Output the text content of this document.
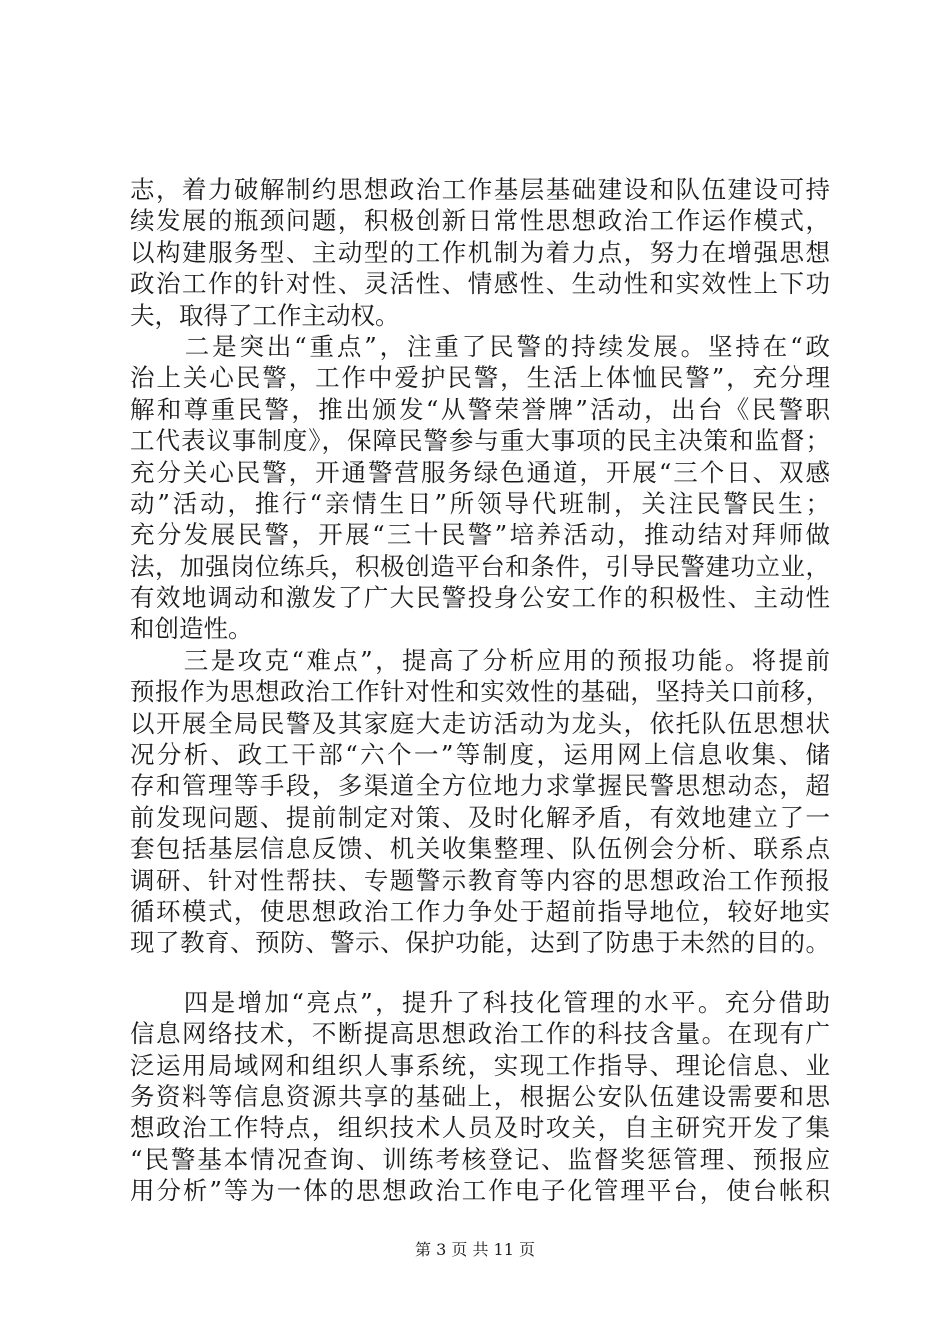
志，着力破解制约思想政治工作基层基础建设和队伍建设可持
续发展的瓶颈问题，积极创新日常性思想政治工作运作模式，
以构建服务型、主动型的工作机制为着力点，努力在增强思想
政治工作的针对性、灵活性、情感性、生动性和实效性上下功
夫，取得了工作主动权。
　　二是突出“重点”，注重了民警的持续发展。坚持在“政
治上关心民警，工作中爱护民警，生活上体恤民警”，充分理
解和尊重民警，推出颁发“从警荣誉牌”活动，出台《民警职
工代表议事制度》，保障民警参与重大事项的民主决策和监督；
充分关心民警，开通警营服务绿色通道，开展“三个日、双感
动”活动，推行“亲情生日”所领导代班制，关注民警民生；
充分发展民警，开展“三十民警”培养活动，推动结对拜师做
法，加强岗位练兵，积极创造平台和条件，引导民警建功立业，
有效地调动和激发了广大民警投身公安工作的积极性、主动性
和创造性。
　　三是攻克“难点”，提高了分析应用的预报功能。将提前
预报作为思想政治工作针对性和实效性的基础，坚持关口前移，
以开展全局民警及其家庭大走访活动为龙头，依托队伍思想状
况分析、政工干部“六个一”等制度，运用网上信息收集、储
存和管理等手段，多渠道全方位地力求掌握民警思想动态，超
前发现问题、提前制定对策、及时化解矛盾，有效地建立了一
套包括基层信息反馈、机关收集整理、队伍例会分析、联系点
调研、针对性帮扶、专题警示教育等内容的思想政治工作预报
循环模式，使思想政治工作力争处于超前指导地位，较好地实
现了教育、预防、警示、保护功能，达到了防患于未然的目的。
　　四是增加“亮点”，提升了科技化管理的水平。充分借助
信息网络技术，不断提高思想政治工作的科技含量。在现有广
泛运用局域网和组织人事系统，实现工作指导、理论信息、业
务资料等信息资源共享的基础上，根据公安队伍建设需要和思
想政治工作特点，组织技术人员及时攻关，自主研究开发了集
“民警基本情况查询、训练考核登记、监督奖惩管理、预报应
用分析”等为一体的思想政治工作电子化管理平台，使台帐积
第 3 页 共 11 页
